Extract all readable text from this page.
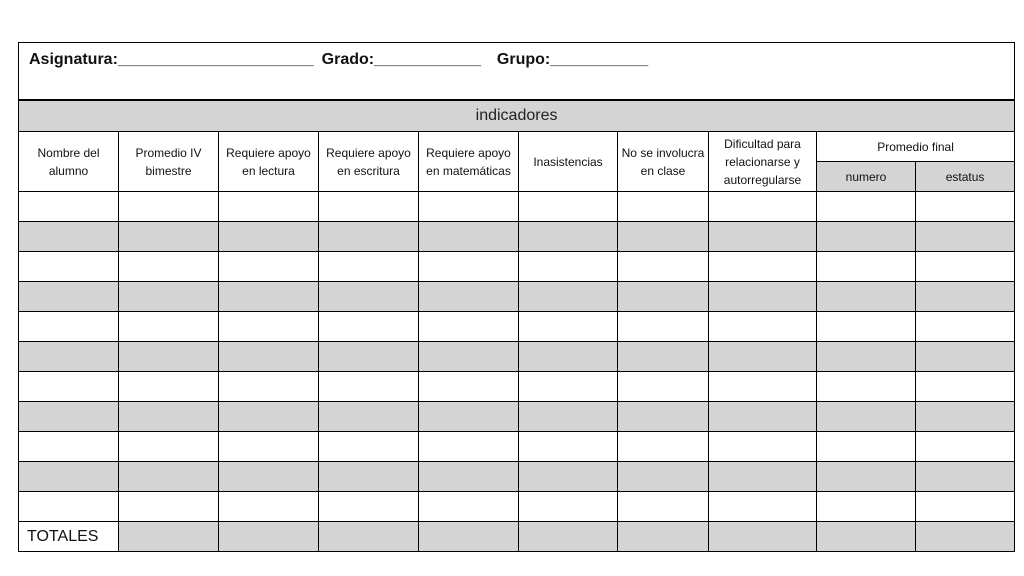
Asignatura:______________________ Grado:____________ Grupo:___________									
indicadores									
Nombre del alumno	Promedio IV bimestre	Requiere apoyo en lectura	Requiere apoyo en escritura	Requiere apoyo en matemáticas	Inasistencias	No se involucra en clase	Dificultad para relacionarse y autorregularse	Promedio final	
								numero	estatus

TOTALES									
